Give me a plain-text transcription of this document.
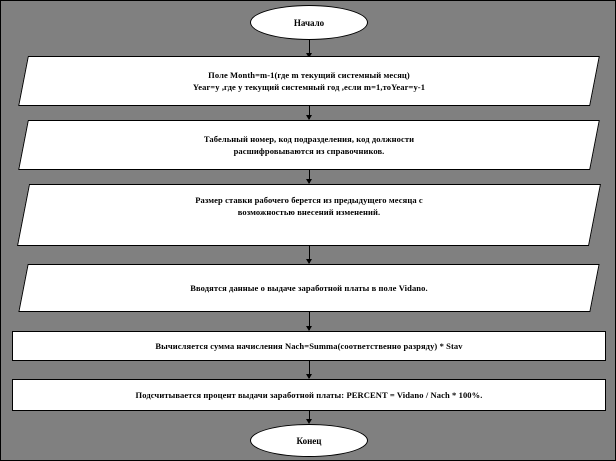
Начало
Поле Month=m-1(где m текущий системный месяц)
Year=y ,где y текущий системный год ,если m=1,тоYear=y-1
Табельный номер, код подразделения, код должности
расшифровываются из справочников.
Размер ставки рабочего берется из предыдущего месяца с
возможностью внесений изменений.
Вводятся данные о выдаче заработной платы в поле Vidano.
Вычисляется сумма начисления Nach=Summa(соответственно разряду) * Stav
Подсчитывается процент выдачи заработной платы: PERCENT = Vidano / Nach * 100%.
Конец
